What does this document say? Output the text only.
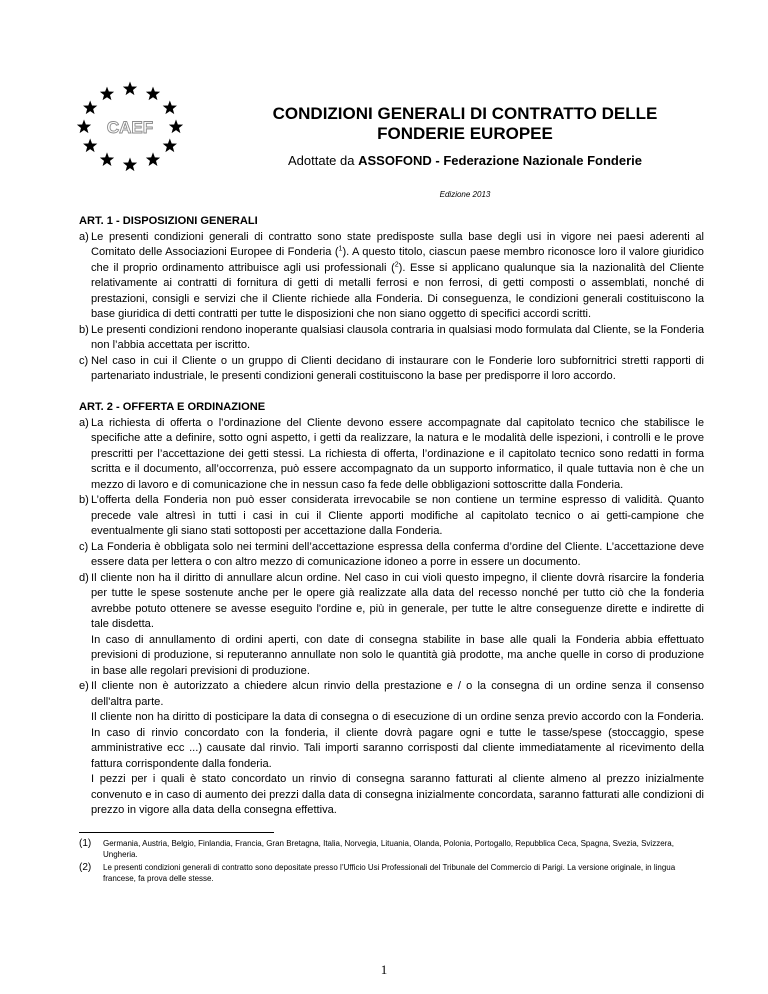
CAEF
CONDIZIONI GENERALI DI CONTRATTO DELLE
FONDERIE EUROPEE
Adottate da ASSOFOND - Federazione Nazionale Fonderie
Edizione 2013
ART. 1 - DISPOSIZIONI GENERALI
a) Le presenti condizioni generali di contratto sono state predisposte sulla base degli usi in vigore nei paesi aderenti al Comitato delle Associazioni Europee di Fonderia ($^1$). A questo titolo, ciascun paese membro riconosce loro il valore giuridico che il proprio ordinamento attribuisce agli usi professionali ($^2$). Esse si applicano qualunque sia la nazionalità del Cliente relativamente ai contratti di fornitura di getti di metalli ferrosi e non ferrosi, di getti composti o assemblati, nonché di prestazioni, consigli e servizi che il Cliente richiede alla Fonderia. Di conseguenza, le condizioni generali costituiscono la base giuridica di detti contratti per tutte le disposizioni che non siano oggetto di specifici accordi scritti.
b) Le presenti condizioni rendono inoperante qualsiasi clausola contraria in qualsiasi modo formulata dal Cliente, se la Fonderia non l’abbia accettata per iscritto.
c) Nel caso in cui il Cliente o un gruppo di Clienti decidano di instaurare con le Fonderie loro subfornitrici stretti rapporti di partenariato industriale, le presenti condizioni generali costituiscono la base per predisporre il loro accordo.
ART. 2 - OFFERTA E ORDINAZIONE
a) La richiesta di offerta o l’ordinazione del Cliente devono essere accompagnate dal capitolato tecnico che stabilisce le specifiche atte a definire, sotto ogni aspetto, i getti da realizzare, la natura e le modalità delle ispezioni, i controlli e le prove prescritti per l’accettazione dei getti stessi. La richiesta di offerta, l’ordinazione e il capitolato tecnico sono redatti in forma scritta e il documento, all’occorrenza, può essere accompagnato da un supporto informatico, il quale tuttavia non è che un mezzo di lavoro e di comunicazione che in nessun caso fa fede delle obbligazioni sottoscritte dalla Fonderia.
b) L’offerta della Fonderia non può esser considerata irrevocabile se non contiene un termine espresso di validità. Quanto precede vale altresì in tutti i casi in cui il Cliente apporti modifiche al capitolato tecnico o ai getti-campione che eventualmente gli siano stati sottoposti per accettazione dalla Fonderia.
c) La Fonderia è obbligata solo nei termini dell’accettazione espressa della conferma d’ordine del Cliente. L’accettazione deve essere data per lettera o con altro mezzo di comunicazione idoneo a porre in essere un documento.
d) Il cliente non ha il diritto di annullare alcun ordine. Nel caso in cui violi questo impegno, il cliente dovrà risarcire la fonderia per tutte le spese sostenute anche per le opere già realizzate alla data del recesso nonché per tutto ciò che la fonderia avrebbe potuto ottenere se avesse eseguito l'ordine e, più in generale, per tutte le altre conseguenze dirette e indirette di tale disdetta.
In caso di annullamento di ordini aperti, con date di consegna stabilite in base alle quali la Fonderia abbia effettuato previsioni di produzione, si reputeranno annullate non solo le quantità già prodotte, ma anche quelle in corso di produzione in base alle regolari previsioni di produzione.
e) Il cliente non è autorizzato a chiedere alcun rinvio della prestazione e / o la consegna di un ordine senza il consenso dell'altra parte.
Il cliente non ha diritto di posticipare la data di consegna o di esecuzione di un ordine senza previo accordo con la Fonderia. In caso di rinvio concordato con la fonderia, il cliente dovrà pagare ogni e tutte le tasse/spese (stoccaggio, spese amministrative ecc ...) causate dal rinvio. Tali importi saranno corrisposti dal cliente immediatamente al ricevimento della fattura corrispondente dalla fonderia.
I pezzi per i quali è stato concordato un rinvio di consegna saranno fatturati al cliente almeno al prezzo inizialmente convenuto e in caso di aumento dei prezzi dalla data di consegna inizialmente concordata, saranno fatturati alle condizioni di prezzo in vigore alla data della consegna effettiva.
(1)	Germania, Austria, Belgio, Finlandia, Francia, Gran Bretagna, Italia, Norvegia, Lituania, Olanda, Polonia, Portogallo, Repubblica Ceca, Spagna, Svezia, Svizzera, Ungheria.
(2)	Le presenti condizioni generali di contratto sono depositate presso l’Ufficio Usi Professionali del Tribunale del Commercio di Parigi. La versione originale, in lingua francese, fa prova delle stesse.
1
